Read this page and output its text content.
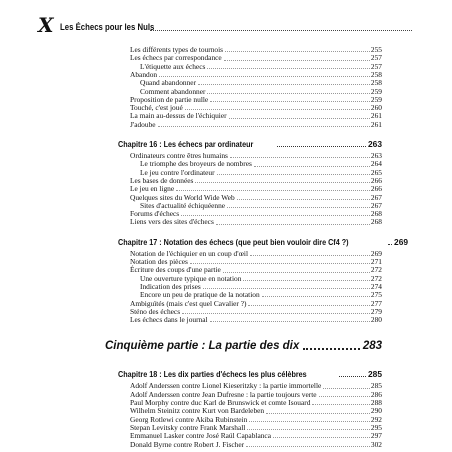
X Les Échecs pour les Nuls
Les différents types de tournois	255
Les échecs par correspondance	257
L'étiquette aux échecs	257
Abandon	258
Quand abandonner	258
Comment abandonner	259
Proposition de partie nulle	259
Touché, c'est joué	260
La main au-dessus de l'échiquier	261
J'adoube	261
Chapitre 16 : Les échecs par ordinateur	263
Ordinateurs contre êtres humains	263
Le triomphe des broyeurs de nombres	264
Le jeu contre l'ordinateur	265
Les bases de données	266
Le jeu en ligne	266
Quelques sites du World Wide Web	267
Sites d'actualité échiquéenne	267
Forums d'échecs	268
Liens vers des sites d'échecs	268
Chapitre 17 : Notation des échecs (que peut bien vouloir dire Cf4 ?)	269
Notation de l'échiquier en un coup d'œil	269
Notation des pièces	271
Écriture des coups d'une partie	272
Une ouverture typique en notation	272
Indication des prises	274
Encore un peu de pratique de la notation	275
Ambiguïtés (mais c'est quel Cavalier ?)	277
Sténo des échecs	279
Les échecs dans le journal	280
Cinquième partie : La partie des dix	283
Chapitre 18 : Les dix parties d'échecs les plus célèbres	285
Adolf Anderssen contre Lionel Kieseritzky : la partie immortelle	285
Adolf Anderssen contre Jean Dufresne : la partie toujours verte	286
Paul Morphy contre duc Karl de Brunswick et comte Isouard	288
Wilhelm Steinitz contre Kurt von Bardeleben	290
Georg Rotlewi contre Akiba Rubinstein	292
Stepan Levitsky contre Frank Marshall	295
Emmanuel Lasker contre José Raúl Capablanca	297
Donald Byrne contre Robert J. Fischer	302
